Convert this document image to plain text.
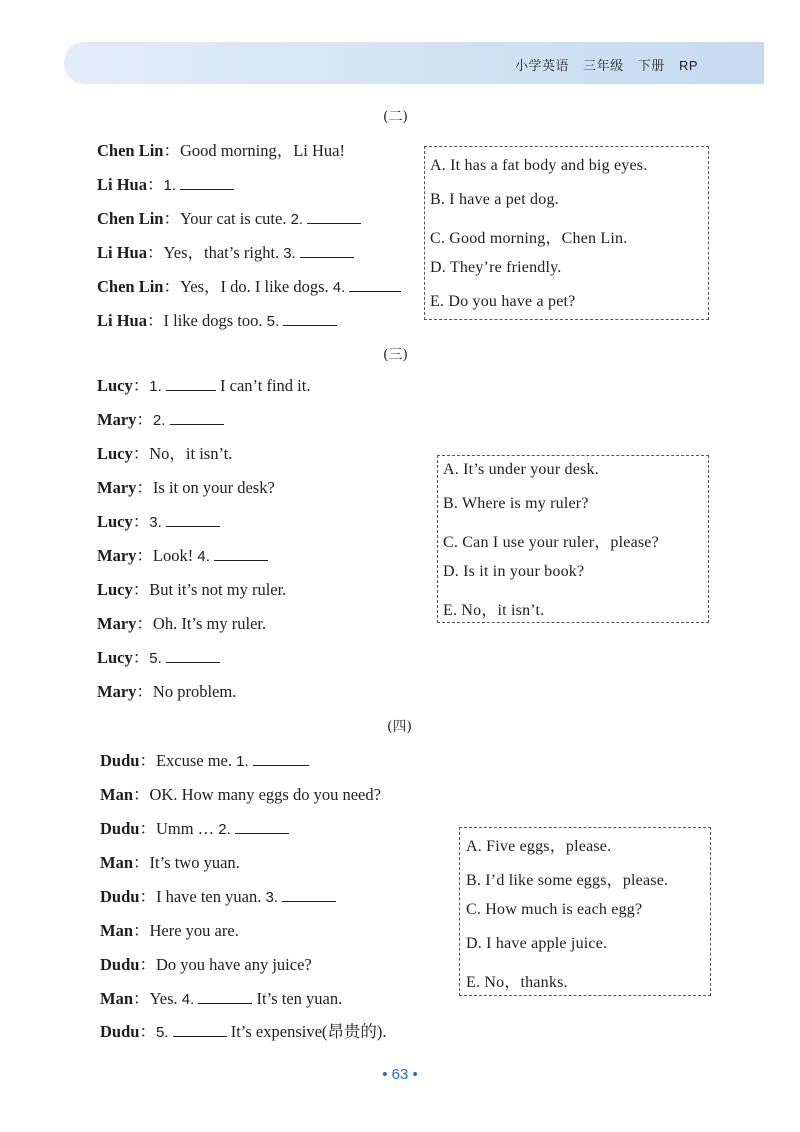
小学英语 三年级 下册 RP
(二)
(三)
(四)
Chen Lin：Good morning，Li Hua!
Li Hua：1.
Chen Lin：Your cat is cute. 2.
Li Hua：Yes，that’s right. 3.
Chen Lin：Yes，I do. I like dogs. 4.
Li Hua：I like dogs too. 5.
Lucy：1.	I can’t find it.
Mary：2.
Lucy：No，it isn’t.
Mary：Is it on your desk?
Lucy：3.
Mary：Look! 4.
Lucy：But it’s not my ruler.
Mary：Oh. It’s my ruler.
Lucy：5.
Mary：No problem.
Dudu：Excuse me. 1.
Man：OK. How many eggs do you need?
Dudu：Umm … 2.
Man：It’s two yuan.
Dudu：I have ten yuan. 3.
Man：Here you are.
Dudu：Do you have any juice?
Man：Yes. 4.	It’s ten yuan.
Dudu：5.	It’s expensive(昂贵的).
A. It has a fat body and big eyes.
B. I have a pet dog.
C. Good morning，Chen Lin.
D. They’re friendly.
E. Do you have a pet?
A. It’s under your desk.
B. Where is my ruler?
C. Can I use your ruler，please?
D. Is it in your book?
E. No，it isn’t.
A. Five eggs，please.
B. I’d like some eggs，please.
C. How much is each egg?
D. I have apple juice.
E. No，thanks.
• 63 •
